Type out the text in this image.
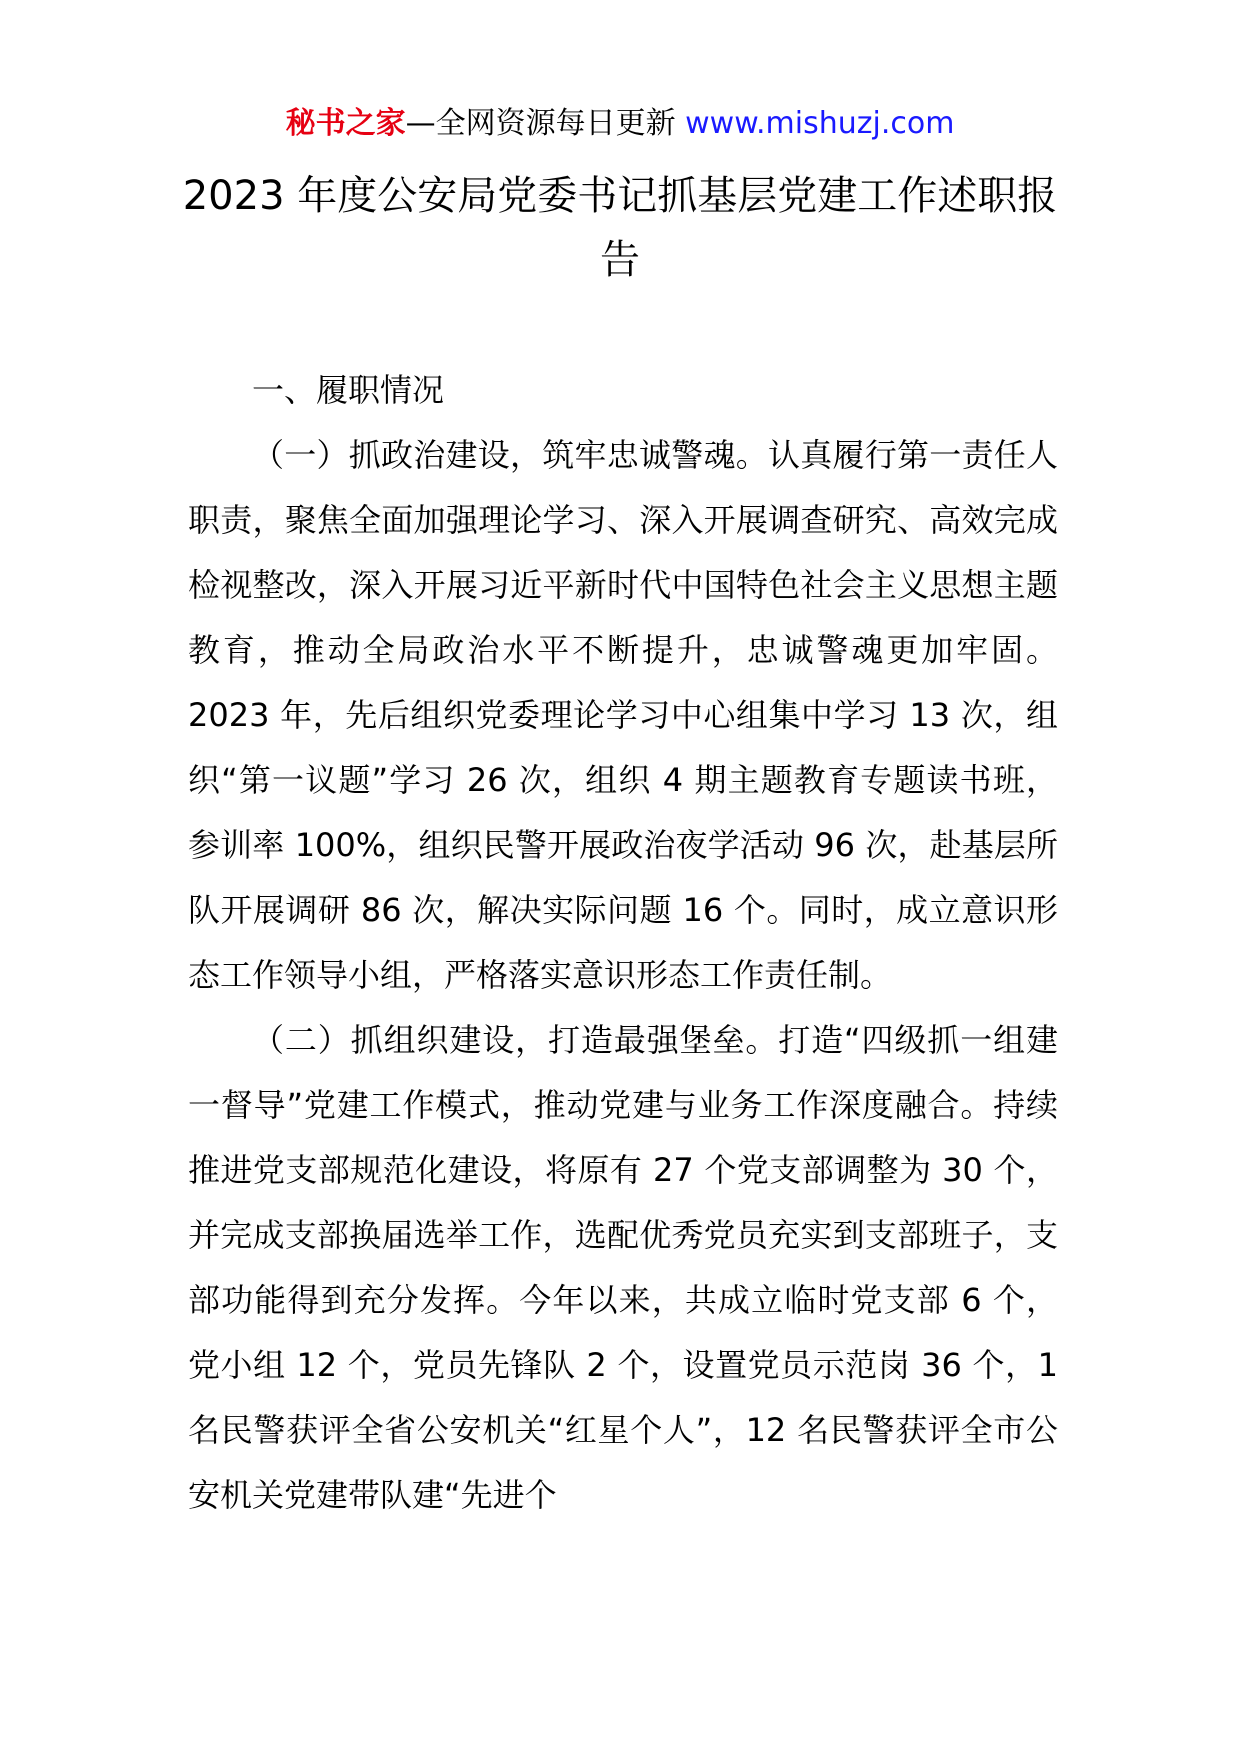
秘书之家—全网资源每日更新 www.mishuzj.com
2023 年度公安局党委书记抓基层党建工作述职报告
一、履职情况

（一）抓政治建设，筑牢忠诚警魂。认真履行第一责任人职责，聚焦全面加强理论学习、深入开展调查研究、高效完成检视整改，深入开展习近平新时代中国特色社会主义思想主题教育，推动全局政治水平不断提升，忠诚警魂更加牢固。2023 年，先后组织党委理论学习中心组集中学习 13 次，组织“第一议题”学习 26 次，组织 4 期主题教育专题读书班，参训率 100%，组织民警开展政治夜学活动 96 次，赴基层所队开展调研 86 次，解决实际问题 16 个。同时，成立意识形态工作领导小组，严格落实意识形态工作责任制。

（二）抓组织建设，打造最强堡垒。打造“四级抓一组建一督导”党建工作模式，推动党建与业务工作深度融合。持续推进党支部规范化建设，将原有 27 个党支部调整为 30 个，并完成支部换届选举工作，选配优秀党员充实到支部班子，支部功能得到充分发挥。今年以来，共成立临时党支部 6 个，党小组 12 个，党员先锋队 2 个，设置党员示范岗 36 个，1 名民警获评全省公安机关“红星个人”，12 名民警获评全市公安机关党建带队建“先进个
